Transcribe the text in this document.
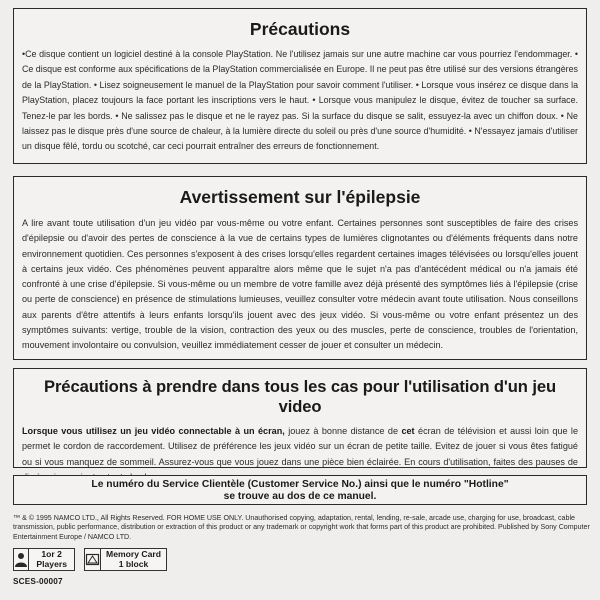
Précautions

•Ce disque contient un logiciel destiné à la console PlayStation. Ne l'utilisez jamais sur une autre machine car vous pourriez l'endommager. • Ce disque est conforme aux spécifications de la PlayStation commercialisée en Europe. Il ne peut pas être utilisé sur des versions étrangères de la PlayStation. • Lisez soigneusement le manuel de la PlayStation pour savoir comment l'utiliser. • Lorsque vous insérez ce disque dans la PlayStation, placez toujours la face portant les inscriptions vers le haut. • Lorsque vous manipulez le disque, évitez de toucher sa surface. Tenez-le par les bords. • Ne salissez pas le disque et ne le rayez pas. Si la surface du disque se salit, essuyez-la avec un chiffon doux. • Ne laissez pas le disque près d'une source de chaleur, à la lumière directe du soleil ou près d'une source d'humidité. • N'essayez jamais d'utiliser un disque fêlé, tordu ou scotché, car ceci pourrait entraîner des erreurs de fonctionnement.

Avertissement sur l'épilepsie

A lire avant toute utilisation d'un jeu vidéo par vous-même ou votre enfant. Certaines personnes sont susceptibles de faire des crises d'épilepsie ou d'avoir des pertes de conscience à la vue de certains types de lumières clignotantes ou d'éléments fréquents dans notre environnement quotidien. Ces personnes s'exposent à des crises lorsqu'elles regardent certaines images télévisées ou lorsqu'elles jouent à certains jeux vidéo. Ces phénomènes peuvent apparaître alors même que le sujet n'a pas d'antécédent médical ou n'a jamais été confronté à une crise d'épilepsie. Si vous-même ou un membre de votre famille avez déjà présenté des symptômes liés à l'épilepsie (crise ou perte de conscience) en présence de stimulations lumieuses, veuillez consulter votre médecin avant toute utilisation. Nous conseillons aux parents d'être attentifs à leurs enfants lorsqu'ils jouent avec des jeux vidéo. Si vous-même ou votre enfant présentez un des symptômes suivants: vertige, trouble de la vision, contraction des yeux ou des muscles, perte de conscience, troubles de l'orientation, mouvement involontaire ou convulsion, veuillez immédiatement cesser de jouer et consulter un médecin.

Précautions à prendre dans tous les cas pour l'utilisation d'un jeu video

Lorsque vous utilisez un jeu vidéo connectable à un écran, jouez à bonne distance de cet écran de télévision et aussi loin que le permet le cordon de raccordement. Utilisez de préférence les jeux vidéo sur un écran de petite taille. Evitez de jouer si vous êtes fatigué ou si vous manquez de sommeil. Assurez-vous que vous jouez dans une pièce bien éclairée. En cours d'utilisation, faites des pauses de

Le numéro du Service Clientèle (Customer Service No.) ainsi que le numéro "Hotline"
se trouve au dos de ce manuel.
™ & © 1995 NAMCO LTD., All Rights Reserved. FOR HOME USE ONLY. Unauthorised copying, adaptation, rental, lending, re-sale, arcade use, charging for use, broadcast, cable
transmission, public performance, distribution or extraction of this product or any trademark or copyright work that forms part of this product are prohibited. Published by Sony Computer
Entertainment Europe / NAMCO LTD.
1or 2 Players
Memory Card 1 block
SCES-00007
